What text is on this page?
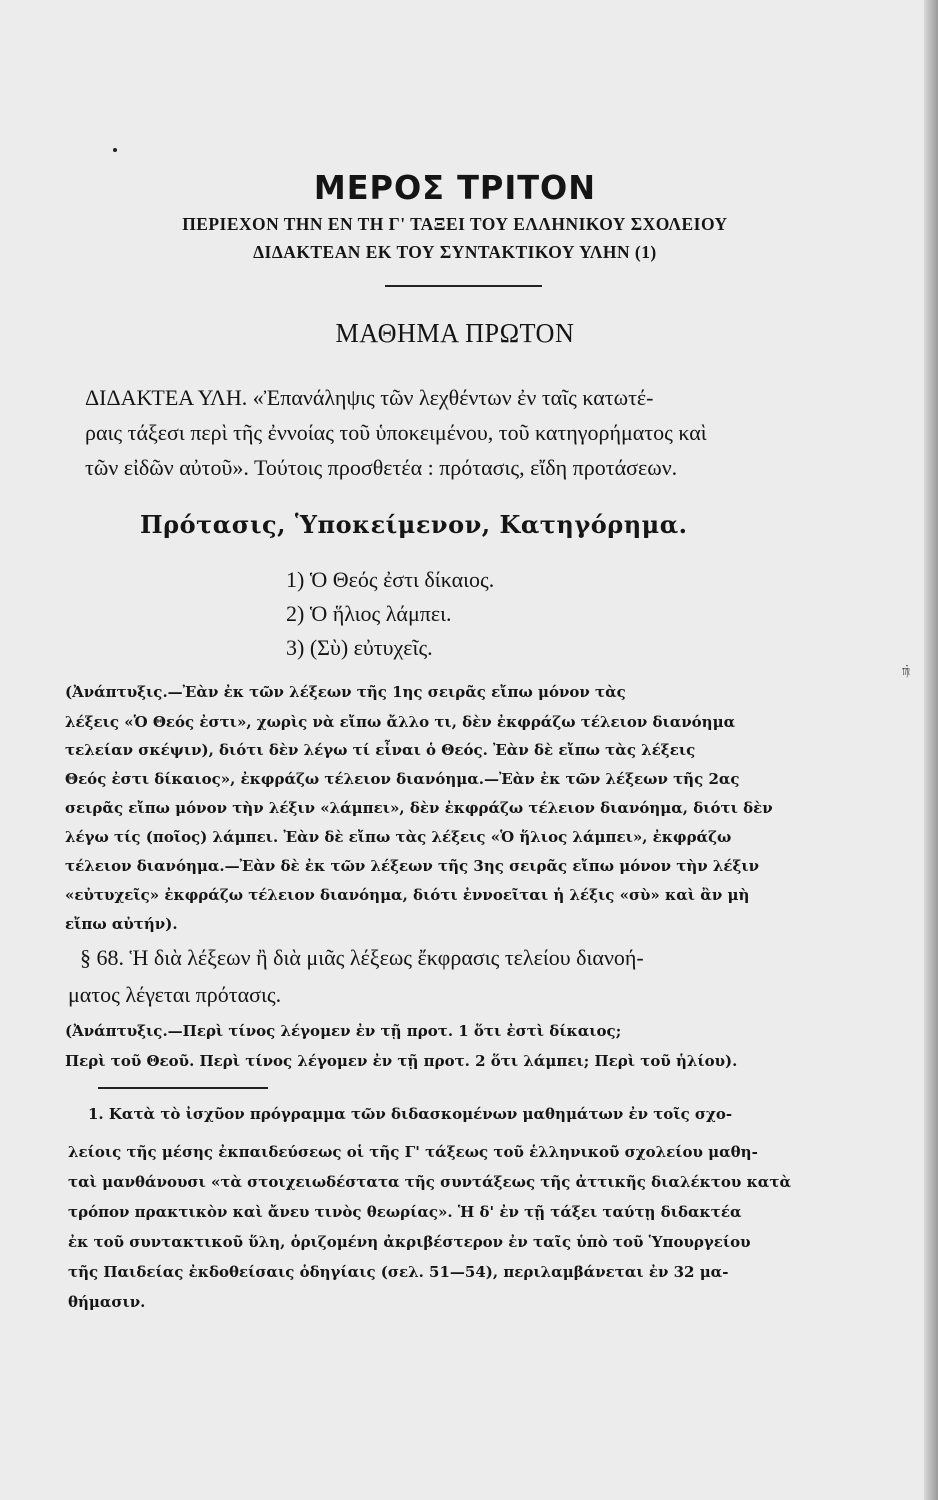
ΜΕΡΟΣ ΤΡΙΤΟΝ
ΠΕΡΙΕΧΟΝ ΤΗΝ ΕΝ ΤΗ Γ' ΤΑΞΕΙ ΤΟΥ ΕΛΛΗΝΙΚΟΥ ΣΧΟΛΕΙΟΥ
ΔΙΔΑΚΤΕΑΝ ΕΚ ΤΟΥ ΣΥΝΤΑΚΤΙΚΟΥ ΥΛΗΝ (1)
ΜΑΘΗΜΑ ΠΡΩΤΟΝ
ΔΙΔΑΚΤΕΑ ΥΛΗ. «Ἐπανάληψις τῶν λεχθέντων ἐν ταῖς κατωτέ-
ραις τάξεσι περὶ τῆς ἐννοίας τοῦ ὑποκειμένου, τοῦ κατηγορήματος καὶ
τῶν εἰδῶν αὐτοῦ». Τούτοις προσθετέα : πρότασις, εἴδη προτάσεων.
Πρότασις, Ὑποκείμενον, Κατηγόρημα.
1) Ὁ Θεός ἐστι δίκαιος.
2) Ὁ ἥλιος λάμπει.
3) (Σὺ) εὐτυχεῖς.
(Ἀνάπτυξις.—Ἐὰν ἐκ τῶν λέξεων τῆς 1ης σειρᾶς εἴπω μόνον τὰς
λέξεις «Ὁ Θεός ἐστι», χωρὶς νὰ εἴπω ἄλλο τι, δὲν ἐκφράζω τέλειον διανόημα
τελείαν σκέψιν), διότι δὲν λέγω τί εἶναι ὁ Θεός. Ἐὰν δὲ εἴπω τὰς λέξεις
Θεός ἐστι δίκαιος», ἐκφράζω τέλειον διανόημα.—Ἐὰν ἐκ τῶν λέξεων τῆς 2ας
σειρᾶς εἴπω μόνον τὴν λέξιν «λάμπει», δὲν ἐκφράζω τέλειον διανόημα, διότι δὲν
λέγω τίς (ποῖος) λάμπει. Ἐὰν δὲ εἴπω τὰς λέξεις «Ὁ ἥλιος λάμπει», ἐκφράζω
τέλειον διανόημα.—Ἐὰν δὲ ἐκ τῶν λέξεων τῆς 3ης σειρᾶς εἴπω μόνον τὴν λέξιν
«εὐτυχεῖς» ἐκφράζω τέλειον διανόημα, διότι ἐννοεῖται ἡ λέξις «σὺ» καὶ ἂν μὴ
εἴπω αὐτήν).
§ 68. Ἡ διὰ λέξεων ἢ διὰ μιᾶς λέξεως ἔκφρασις τελείου διανοή-
ματος λέγεται πρότασις.
(Ἀνάπτυξις.—Περὶ τίνος λέγομεν ἐν τῇ προτ. 1 ὅτι ἐστὶ δίκαιος;
Περὶ τοῦ Θεοῦ. Περὶ τίνος λέγομεν ἐν τῇ προτ. 2 ὅτι λάμπει; Περὶ τοῦ ἡλίου).
1. Κατὰ τὸ ἰσχῦον πρόγραμμα τῶν διδασκομένων μαθημάτων ἐν τοῖς σχο-
λείοις τῆς μέσης ἐκπαιδεύσεως οἱ τῆς Γ' τάξεως τοῦ ἑλληνικοῦ σχολείου μαθη-
ταὶ μανθάνουσι «τὰ στοιχειωδέστατα τῆς συντάξεως τῆς ἀττικῆς διαλέκτου κατὰ
τρόπον πρακτικὸν καὶ ἄνευ τινὸς θεωρίας». Ἡ δ' ἐν τῇ τάξει ταύτῃ διδακτέα
ἐκ τοῦ συντακτικοῦ ὕλη, ὁριζομένη ἀκριβέστερον ἐν ταῖς ὑπὸ τοῦ Ὑπουργείου
τῆς Παιδείας ἐκδοθείσαις ὁδηγίαις (σελ. 51—54), περιλαμβάνεται ἐν 32 μα-
θήμασιν.
τῆι
